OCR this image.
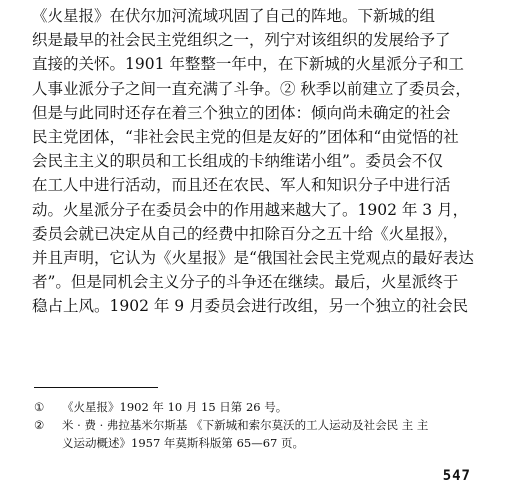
《火星报》在伏尔加河流域巩固了自己的阵地。下新城的组
织是最早的社会民主党组织之一，列宁对该组织的发展给予了
直接的关怀。1901 年整整一年中，在下新城的火星派分子和工
人事业派分子之间一直充满了斗争。② 秋季以前建立了委员会，
但是与此同时还存在着三个独立的团体：倾向尚未确定的社会
民主党团体，“非社会民主党的但是友好的”团体和“由觉悟的社
会民主主义的职员和工长组成的卡纳维诺小组”。委员会不仅
在工人中进行活动，而且还在农民、军人和知识分子中进行活
动。火星派分子在委员会中的作用越来越大了。1902 年 3 月，
委员会就已决定从自己的经费中扣除百分之五十给《火星报》，
并且声明，它认为《火星报》是“俄国社会民主党观点的最好表达
者”。但是同机会主义分子的斗争还在继续。最后，火星派终于
稳占上风。1902 年 9 月委员会进行改组，另一个独立的社会民
①	《火星报》1902 年 10 月 15 日第 26 号。
②	米 · 费 · 弗拉基米尔斯基 《下新城和索尔莫沃的工人运动及社会民 主 主
义运动概述》1957 年莫斯科版第 65—67 页。
547
